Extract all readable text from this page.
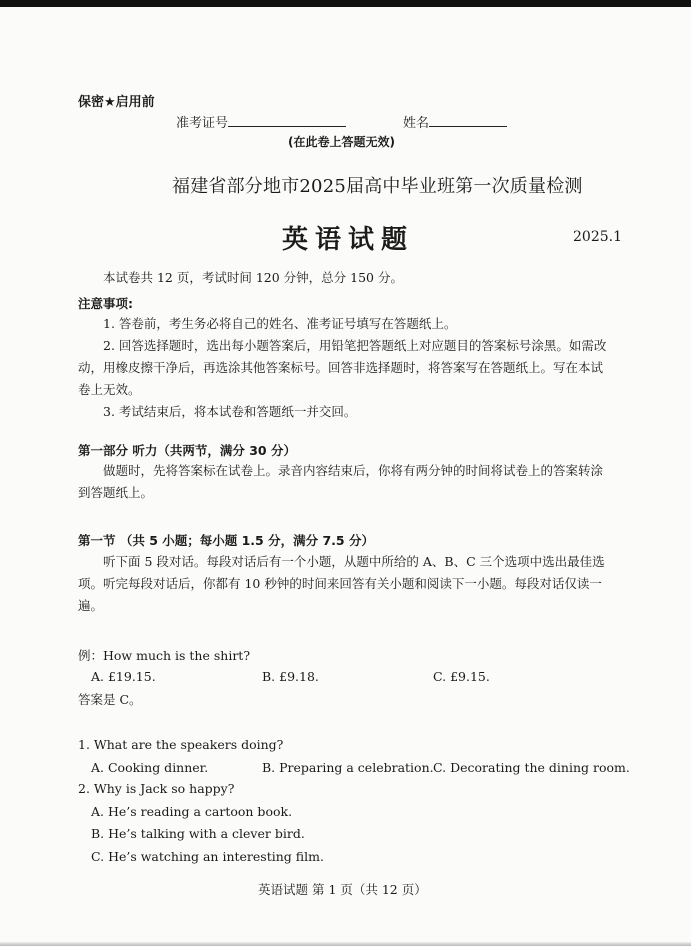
保密★启用前
准考证号	姓名
(在此卷上答题无效)
福建省部分地市2025届高中毕业班第一次质量检测
英语试题	2025.1
本试卷共 12 页，考试时间 120 分钟，总分 150 分。
注意事项:
1. 答卷前，考生务必将自己的姓名、准考证号填写在答题纸上。
2. 回答选择题时，选出每小题答案后，用铅笔把答题纸上对应题目的答案标号涂黑。如需改动，用橡皮擦干净后，再选涂其他答案标号。回答非选择题时，将答案写在答题纸上。写在本试卷上无效。
3. 考试结束后，将本试卷和答题纸一并交回。
第一部分 听力（共两节，满分 30 分）
做题时，先将答案标在试卷上。录音内容结束后，你将有两分钟的时间将试卷上的答案转涂到答题纸上。
第一节 （共 5 小题；每小题 1.5 分，满分 7.5 分）
听下面 5 段对话。每段对话后有一个小题，从题中所给的 A、B、C 三个选项中选出最佳选项。听完每段对话后，你都有 10 秒钟的时间来回答有关小题和阅读下一小题。每段对话仅读一遍。
例：How much is the shirt?
A. £19.15.	B. £9.18.	C. £9.15.
答案是 C。
1. What are the speakers doing?
A. Cooking dinner.	B. Preparing a celebration. C. Decorating the dining room.
2. Why is Jack so happy?
A. He’s reading a cartoon book.
B. He’s talking with a clever bird.
C. He’s watching an interesting film.
英语试题 第 1 页（共 12 页）
